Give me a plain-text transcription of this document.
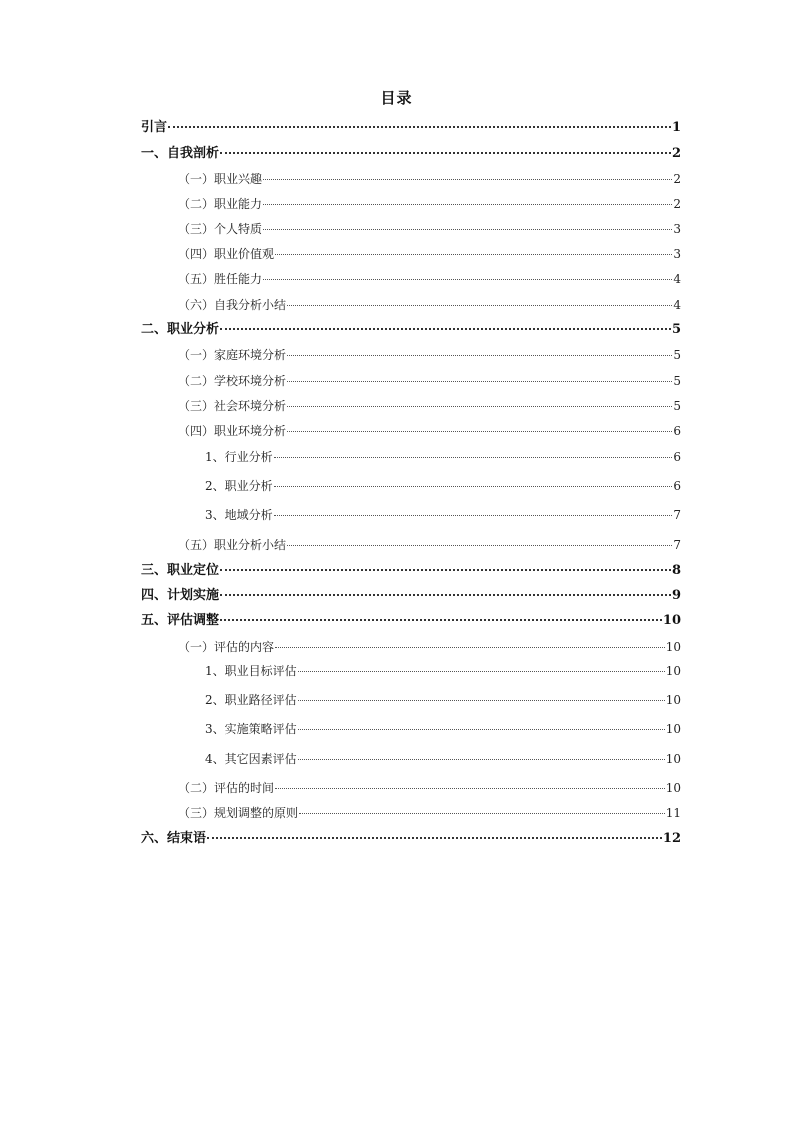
目录
引言	1
一、自我剖析	2
（一）职业兴趣	2
（二）职业能力	2
（三）个人特质	3
（四）职业价值观	3
（五）胜任能力	4
（六）自我分析小结	4
二、职业分析	5
（一）家庭环境分析	5
（二）学校环境分析	5
（三）社会环境分析	5
（四）职业环境分析	6
1、行业分析	6
2、职业分析	6
3、地域分析	7
（五）职业分析小结	7
三、职业定位	8
四、计划实施	9
五、评估调整	10
（一）评估的内容	10
1、职业目标评估	10
2、职业路径评估	10
3、实施策略评估	10
4、其它因素评估	10
（二）评估的时间	10
（三）规划调整的原则	11
六、结束语	12
